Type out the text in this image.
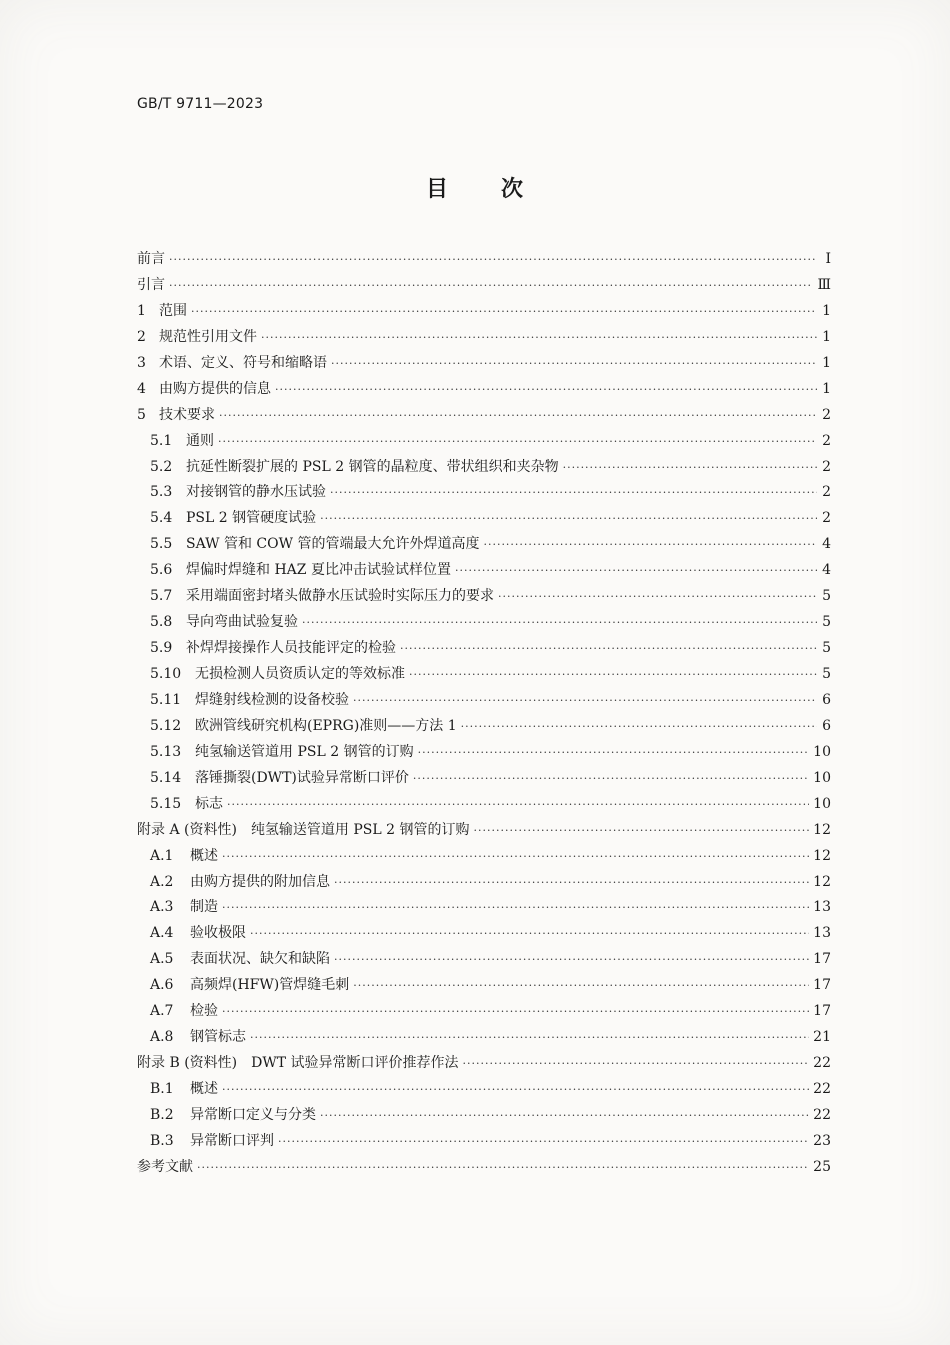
GB/T 9711—2023
目 次
前言 ·····	Ⅰ
引言 ·····	Ⅲ
1 范围 ·····	1
2 规范性引用文件 ·····	1
3 术语、定义、符号和缩略语 ·····	1
4 由购方提供的信息 ·····	1
5 技术要求 ·····	2
5.1 通则 ·····	2
5.2 抗延性断裂扩展的 PSL 2 钢管的晶粒度、带状组织和夹杂物 ·····	2
5.3 对接钢管的静水压试验 ·····	2
5.4 PSL 2 钢管硬度试验 ·····	2
5.5 SAW 管和 COW 管的管端最大允许外焊道高度 ·····	4
5.6 焊偏时焊缝和 HAZ 夏比冲击试验试样位置 ·····	4
5.7 采用端面密封堵头做静水压试验时实际压力的要求 ·····	5
5.8 导向弯曲试验复验 ·····	5
5.9 补焊焊接操作人员技能评定的检验 ·····	5
5.10 无损检测人员资质认定的等效标准 ·····	5
5.11 焊缝射线检测的设备校验 ·····	6
5.12 欧洲管线研究机构(EPRG)准则——方法 1 ·····	6
5.13 纯氢输送管道用 PSL 2 钢管的订购 ·····	10
5.14 落锤撕裂(DWT)试验异常断口评价 ·····	10
5.15 标志 ·····	10
附录 A (资料性) 纯氢输送管道用 PSL 2 钢管的订购 ·····	12
A.1	概述 ·····	12
A.2	由购方提供的附加信息 ·····	12
A.3	制造 ·····	13
A.4	验收极限 ·····	13
A.5	表面状况、缺欠和缺陷 ·····	17
A.6	高频焊(HFW)管焊缝毛刺 ·····	17
A.7	检验 ·····	17
A.8	钢管标志 ·····	21
附录 B (资料性) DWT 试验异常断口评价推荐作法 ·····	22
B.1	概述 ·····	22
B.2	异常断口定义与分类 ·····	22
B.3	异常断口评判 ·····	23
参考文献 ·····	25
